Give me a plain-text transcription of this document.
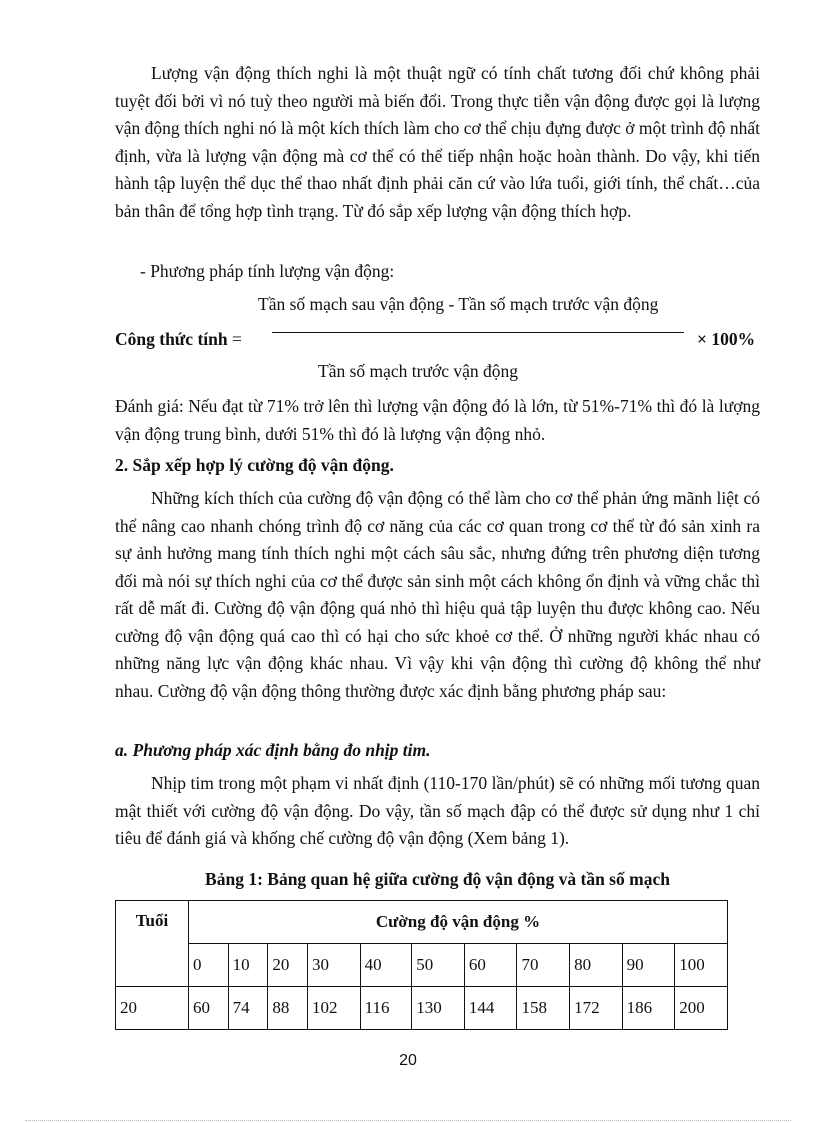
Lượng vận động thích nghi là một thuật ngữ có tính chất tương đối chứ không phải tuyệt đối bởi vì nó tuỳ theo người mà biến đổi. Trong thực tiễn vận động được gọi là lượng vận động thích nghi nó là một kích thích làm cho cơ thể chịu đựng được ở một trình độ nhất định, vừa là lượng vận động mà cơ thể có thể tiếp nhận hoặc hoàn thành. Do vậy, khi tiến hành tập luyện thể dục thể thao nhất định phải căn cứ vào lứa tuổi, giới tính, thể chất…của bản thân để tổng hợp tình trạng. Từ đó sắp xếp lượng vận động thích hợp.

- Phương pháp tính lượng vận động:

Tần số mạch sau vận động - Tần số mạch trước vận động
Công thức tính =	× 100%
Tần số mạch trước vận động

Đánh giá: Nếu đạt từ 71% trở lên thì lượng vận động đó là lớn, từ 51%-71% thì đó là lượng vận động trung bình, dưới 51% thì đó là lượng vận động nhỏ.

2. Sắp xếp hợp lý cường độ vận động.

Những kích thích của cường độ vận động có thể làm cho cơ thể phản ứng mãnh liệt có thể nâng cao nhanh chóng trình độ cơ năng của các cơ quan trong cơ thể từ đó sản xinh ra sự ảnh hưởng mang tính thích nghi một cách sâu sắc, nhưng đứng trên phương diện tương đối mà nói sự thích nghi của cơ thể được sản sinh một cách không ổn định và vững chắc thì rất dễ mất đi. Cường độ vận động quá nhỏ thì hiệu quả tập luyện thu được không cao. Nếu cường độ vận động quá cao thì có hại cho sức khoẻ cơ thể. Ở những người khác nhau có những năng lực vận động khác nhau. Vì vậy khi vận động thì cường độ không thể như nhau. Cường độ vận động thông thường được xác định bằng phương pháp sau:

a. Phương pháp xác định bằng đo nhịp tim.

Nhịp tim trong một phạm vi nhất định (110-170 lần/phút) sẽ có những mối tương quan mật thiết với cường độ vận động. Do vậy, tần số mạch đập có thể được sử dụng như 1 chỉ tiêu để đánh giá và khống chế cường độ vận động (Xem bảng 1).

Bảng 1: Bảng quan hệ giữa cường độ vận động và tần số mạch
Tuổi	Cường độ vận động %										
	0	10	20	30	40	50	60	70	80	90	100
20	60	74	88	102	116	130	144	158	172	186	200
20
